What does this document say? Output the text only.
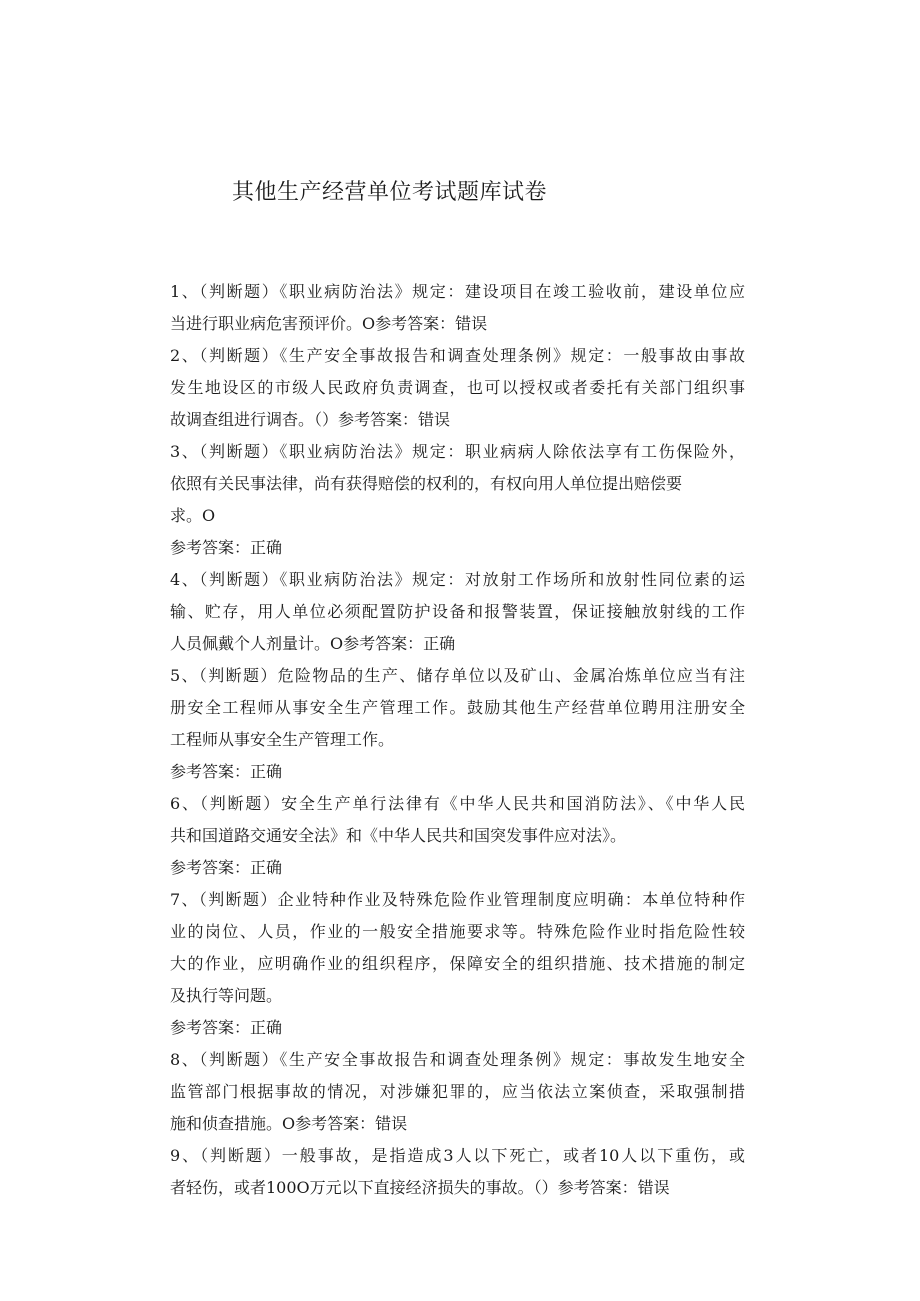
其他生产经营单位考试题库试卷
1、（判断题）《职业病防治法》规定：建设项目在竣工验收前，建设单位应
当进行职业病危害预评价。O参考答案：错误
2、（判断题）《生产安全事故报告和调查处理条例》规定：一般事故由事故
发生地设区的市级人民政府负责调查，也可以授权或者委托有关部门组织事
故调查组进行调杳。（）参考答案：错误
3、（判断题）《职业病防治法》规定：职业病病人除依法享有工伤保险外，
依照有关民事法律，尚有获得赔偿的权利的，有权向用人单位提出赔偿要
求。O
参考答案：正确
4、（判断题）《职业病防治法》规定：对放射工作场所和放射性同位素的运
输、贮存，用人单位必须配置防护设备和报警装置，保证接触放射线的工作
人员佩戴个人剂量计。O参考答案：正确
5、（判断题）危险物品的生产、储存单位以及矿山、金属冶炼单位应当有注
册安全工程师从事安全生产管理工作。鼓励其他生产经营单位聘用注册安全
工程师从事安全生产管理工作。
参考答案：正确
6、（判断题）安全生产单行法律有《中华人民共和国消防法》、《中华人民
共和国道路交通安全法》和《中华人民共和国突发事件应对法》。
参考答案：正确
7、（判断题）企业特种作业及特殊危险作业管理制度应明确：本单位特种作
业的岗位、人员，作业的一般安全措施要求等。特殊危险作业时指危险性较
大的作业，应明确作业的组织程序，保障安全的组织措施、技术措施的制定
及执行等问题。
参考答案：正确
8、（判断题）《生产安全事故报告和调查处理条例》规定：事故发生地安全
监管部门根据事故的情况，对涉嫌犯罪的，应当依法立案侦查，采取强制措
施和侦查措施。O参考答案：错误
9、（判断题）一般事故，是指造成3人以下死亡，或者10人以下重伤，或
者轻伤，或者100O万元以下直接经济损失的事故。（）参考答案：错误
